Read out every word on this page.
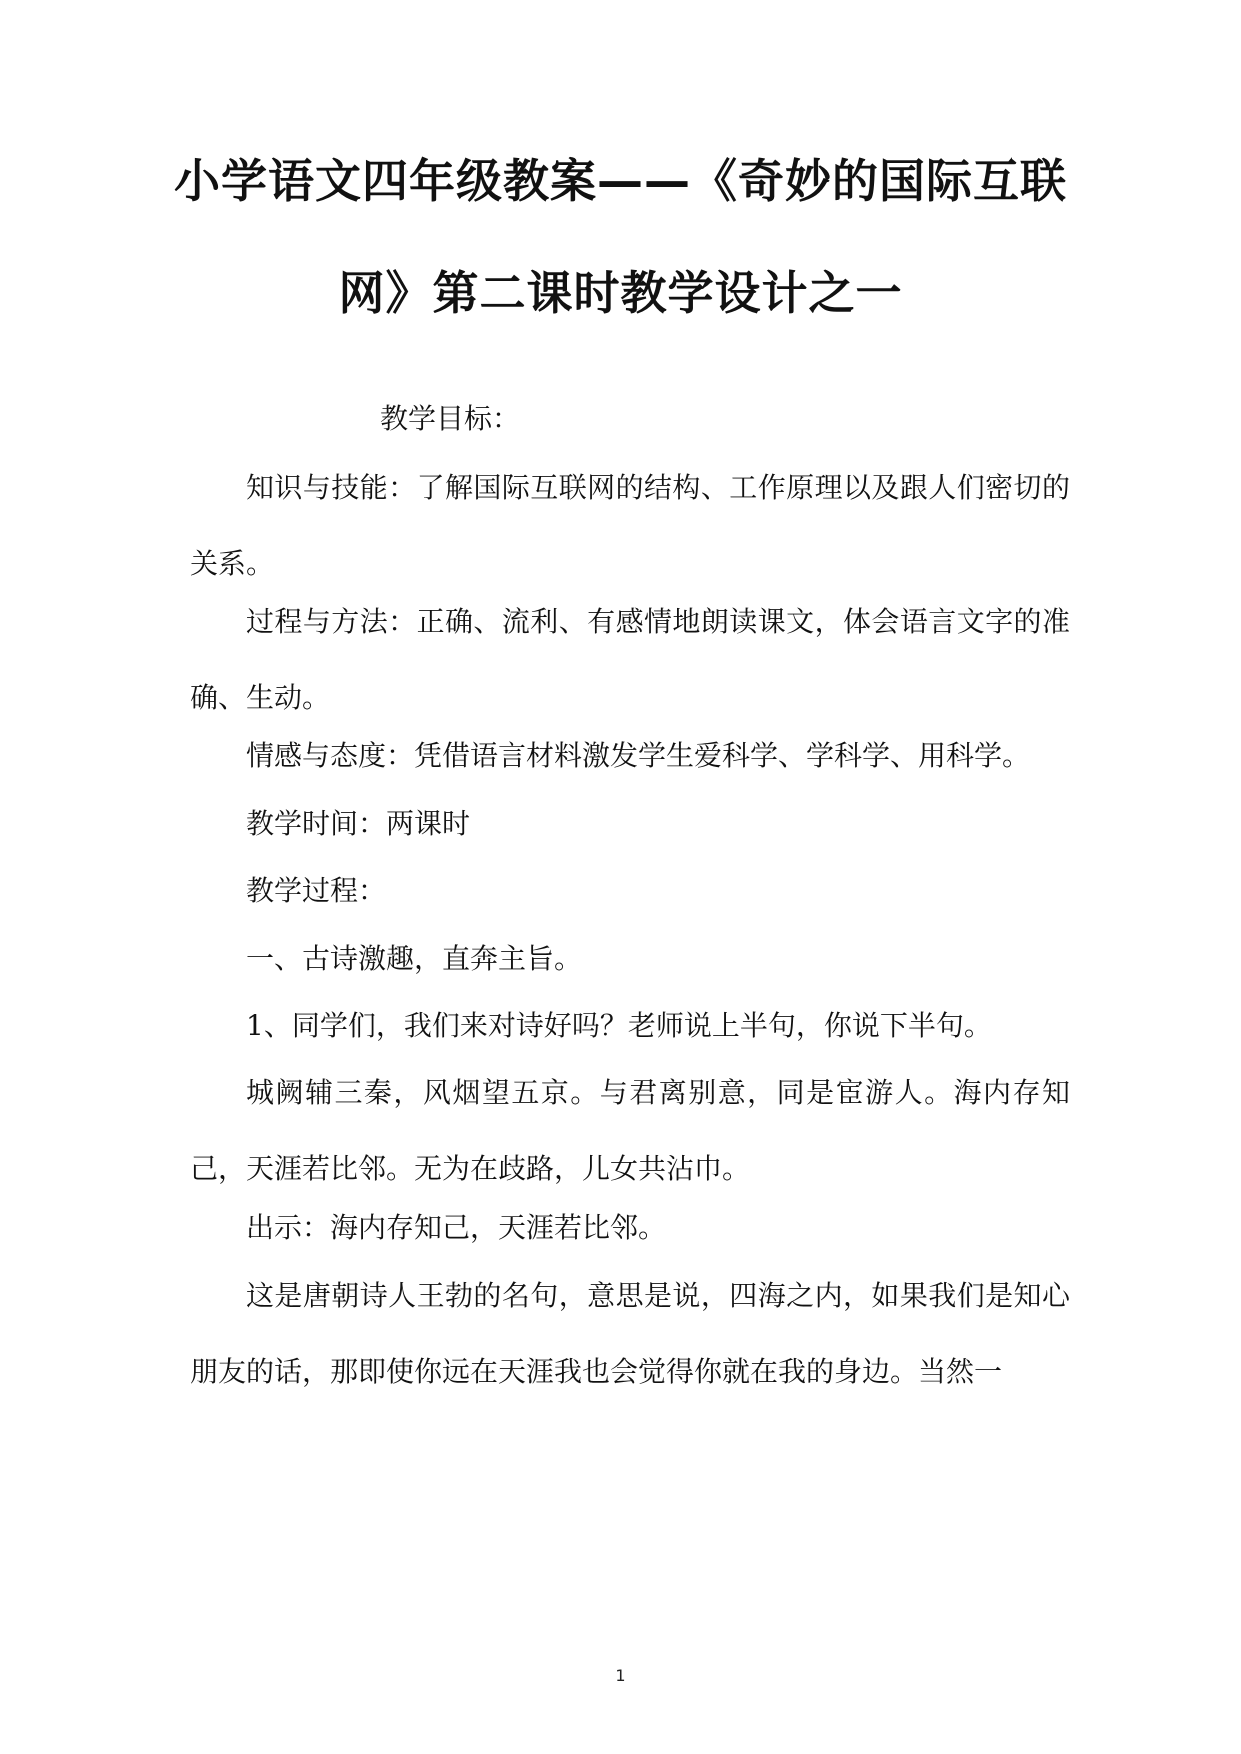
小学语文四年级教案——《奇妙的国际互联
网》第二课时教学设计之一

教学目标：

知识与技能：了解国际互联网的结构、工作原理以及跟人们密切的关系。

过程与方法：正确、流利、有感情地朗读课文，体会语言文字的准确、生动。

情感与态度：凭借语言材料激发学生爱科学、学科学、用科学。

教学时间：两课时

教学过程：

一、古诗激趣，直奔主旨。

1、同学们，我们来对诗好吗？老师说上半句，你说下半句。

城阙辅三秦，风烟望五京。与君离别意，同是宦游人。海内存知己，天涯若比邻。无为在歧路，儿女共沾巾。

出示：海内存知己，天涯若比邻。

这是唐朝诗人王勃的名句，意思是说，四海之内，如果我们是知心朋友的话，那即使你远在天涯我也会觉得你就在我的身边。当然一

1
